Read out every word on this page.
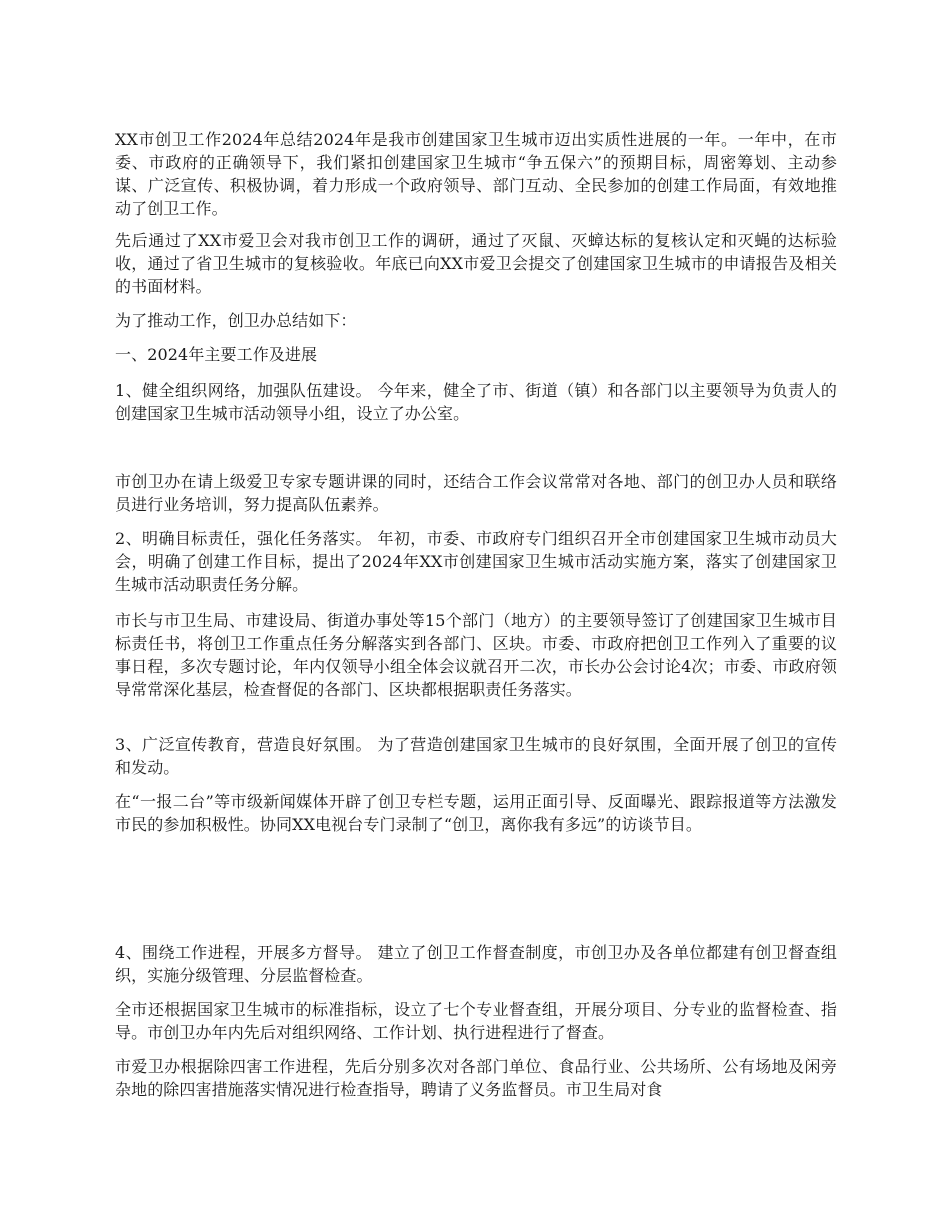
XX市创卫工作2024年总结2024年是我市创建国家卫生城市迈出实质性进展的一年。一年中，在市委、市政府的正确领导下，我们紧扣创建国家卫生城市“争五保六”的预期目标，周密筹划、主动参谋、广泛宣传、积极协调，着力形成一个政府领导、部门互动、全民参加的创建工作局面，有效地推动了创卫工作。

先后通过了XX市爱卫会对我市创卫工作的调研，通过了灭鼠、灭蟑达标的复核认定和灭蝇的达标验收，通过了省卫生城市的复核验收。年底已向XX市爱卫会提交了创建国家卫生城市的申请报告及相关的书面材料。

为了推动工作，创卫办总结如下：

一、2024年主要工作及进展

1、健全组织网络，加强队伍建设。 今年来，健全了市、街道（镇）和各部门以主要领导为负责人的创建国家卫生城市活动领导小组，设立了办公室。

市创卫办在请上级爱卫专家专题讲课的同时，还结合工作会议常常对各地、部门的创卫办人员和联络员进行业务培训，努力提高队伍素养。

2、明确目标责任，强化任务落实。 年初，市委、市政府专门组织召开全市创建国家卫生城市动员大会，明确了创建工作目标，提出了2024年XX市创建国家卫生城市活动实施方案，落实了创建国家卫生城市活动职责任务分解。

市长与市卫生局、市建设局、街道办事处等15个部门（地方）的主要领导签订了创建国家卫生城市目标责任书，将创卫工作重点任务分解落实到各部门、区块。市委、市政府把创卫工作列入了重要的议事日程，多次专题讨论，年内仅领导小组全体会议就召开二次，市长办公会讨论4次；市委、市政府领导常常深化基层，检查督促的各部门、区块都根据职责任务落实。

3、广泛宣传教育，营造良好氛围。 为了营造创建国家卫生城市的良好氛围，全面开展了创卫的宣传和发动。

在“一报二台”等市级新闻媒体开辟了创卫专栏专题，运用正面引导、反面曝光、跟踪报道等方法激发市民的参加积极性。协同XX电视台专门录制了“创卫，离你我有多远”的访谈节目。

4、围绕工作进程，开展多方督导。 建立了创卫工作督查制度，市创卫办及各单位都建有创卫督查组织，实施分级管理、分层监督检查。

全市还根据国家卫生城市的标准指标，设立了七个专业督查组，开展分项目、分专业的监督检查、指导。市创卫办年内先后对组织网络、工作计划、执行进程进行了督查。

市爱卫办根据除四害工作进程，先后分别多次对各部门单位、食品行业、公共场所、公有场地及闲旁杂地的除四害措施落实情况进行检查指导，聘请了义务监督员。市卫生局对食
